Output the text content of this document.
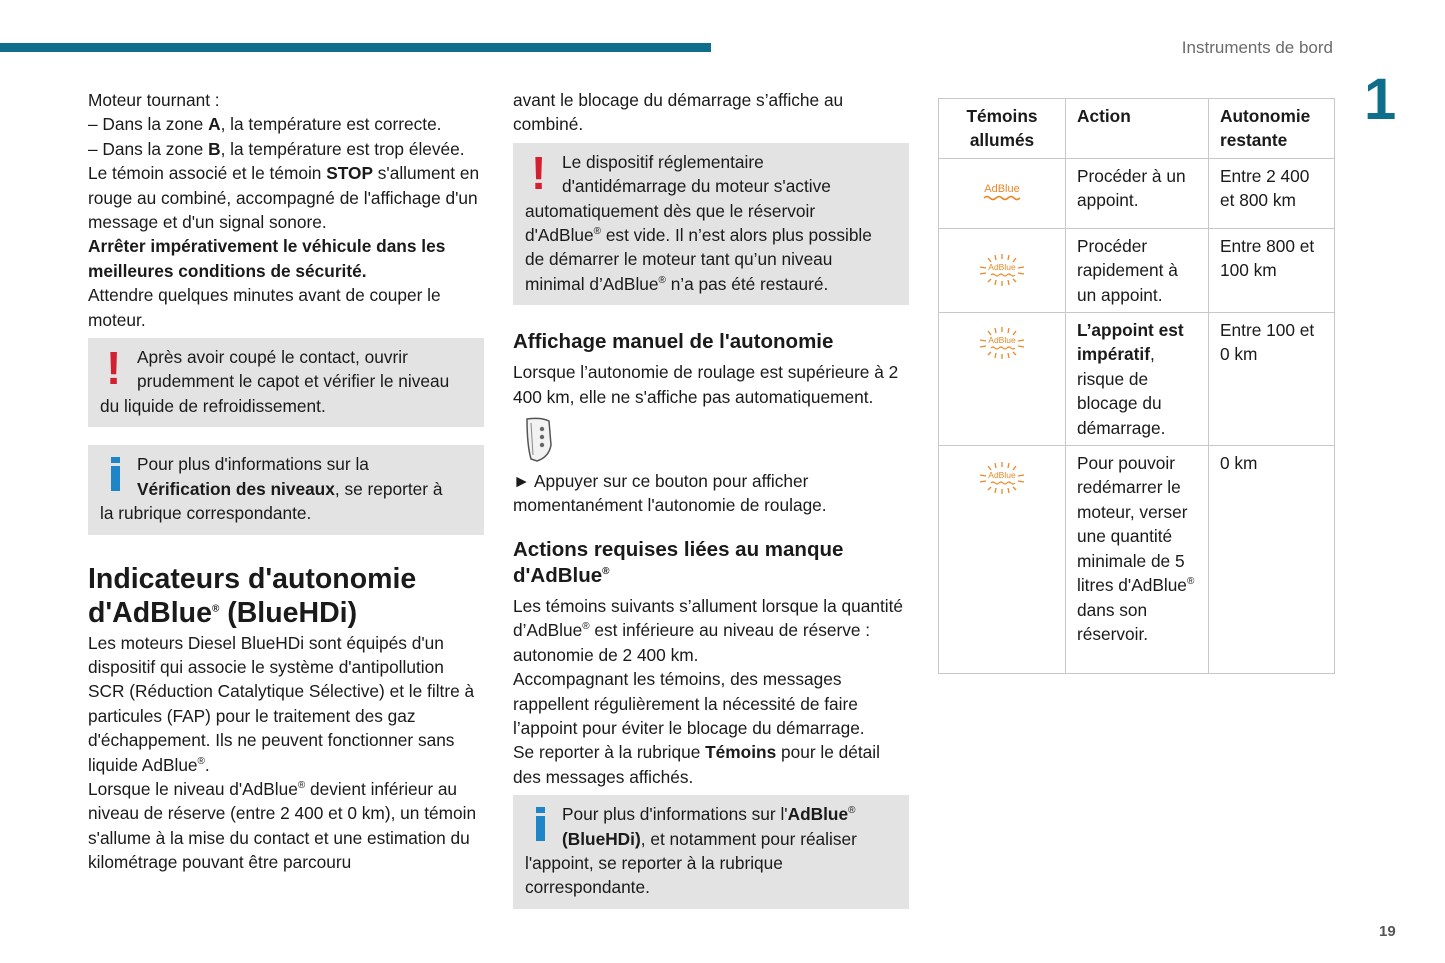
Instruments de bord
1
19

Moteur tournant :

– Dans la zone A, la température est correcte.

– Dans la zone B, la température est trop élevée. Le témoin associé et le témoin STOP s'allument en rouge au combiné, accompagné de l'affichage d'un message et d'un signal sonore.

Arrêter impérativement le véhicule dans les meilleures conditions de sécurité.

Attendre quelques minutes avant de couper le moteur.

! Après avoir coupé le contact, ouvrir

prudemment le capot et vérifier le niveau

du liquide de refroidissement.

Pour plus d'informations sur la

Vérification des niveaux, se reporter à

la rubrique correspondante.

Indicateurs d'autonomie
d'AdBlue® (BlueHDi)

Les moteurs Diesel BlueHDi sont équipés d'un dispositif qui associe le système d'antipollution SCR (Réduction Catalytique Sélective) et le filtre à particules (FAP) pour le traitement des gaz d'échappement. Ils ne peuvent fonctionner sans liquide AdBlue®.

Lorsque le niveau d'AdBlue® devient inférieur au niveau de réserve (entre 2 400 et 0 km), un témoin s'allume à la mise du contact et une estimation du kilométrage pouvant être parcouru

avant le blocage du démarrage s’affiche au combiné.

! Le dispositif réglementaire

d'antidémarrage du moteur s'active

automatiquement dès que le réservoir

d'AdBlue® est vide. Il n’est alors plus possible

de démarrer le moteur tant qu’un niveau

minimal d’AdBlue® n’a pas été restauré.

Affichage manuel de l'autonomie

Lorsque l’autonomie de roulage est supérieure à 2 400 km, elle ne s'affiche pas automatiquement.

► Appuyer sur ce bouton pour afficher momentanément l'autonomie de roulage.

Actions requises liées au manque
d'AdBlue®

Les témoins suivants s’allument lorsque la quantité d’AdBlue® est inférieure au niveau de réserve : autonomie de 2 400 km.

Accompagnant les témoins, des messages rappellent régulièrement la nécessité de faire l’appoint pour éviter le blocage du démarrage.

Se reporter à la rubrique Témoins pour le détail des messages affichés.

Pour plus d'informations sur l'AdBlue®

(BlueHDi), et notamment pour réaliser

l'appoint, se reporter à la rubrique

correspondante.

Témoins allumés	Action	Autonomie restante

AdBlue	Procéder à un appoint.	Entre 2 400 et 800 km

AdBlue	Procéder rapidement à un appoint.	Entre 800 et 100 km

AdBlue	L’appoint est impératif, risque de blocage du démarrage.	Entre 100 et 0 km

AdBlue	Pour pouvoir redémarrer le moteur, verser une quantité minimale de 5 litres d'AdBlue® dans son réservoir.	0 km
